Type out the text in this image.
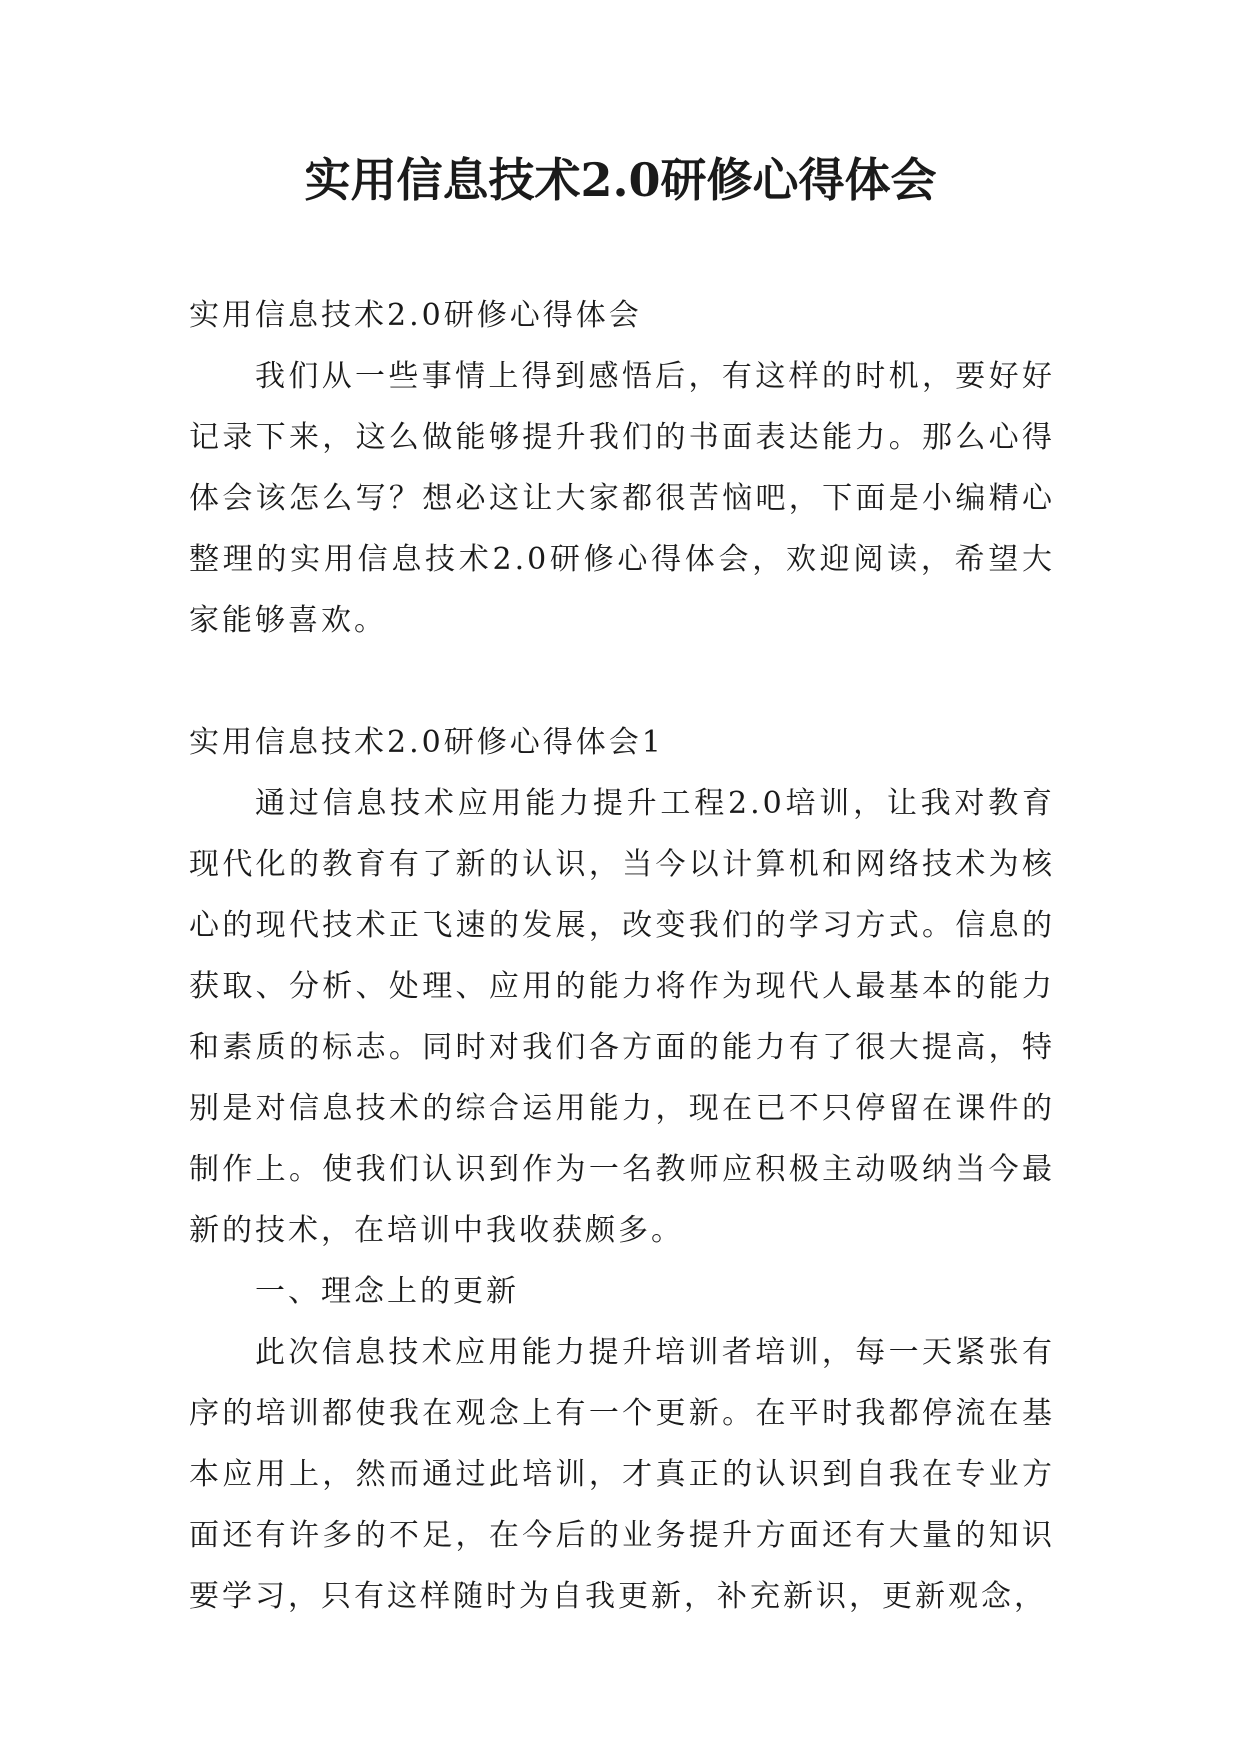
实用信息技术2.0研修心得体会

实用信息技术2.0研修心得体会

我们从一些事情上得到感悟后，有这样的时机，要好好记录下来，这么做能够提升我们的书面表达能力。那么心得体会该怎么写？想必这让大家都很苦恼吧，下面是小编精心整理的实用信息技术2.0研修心得体会，欢迎阅读，希望大家能够喜欢。

实用信息技术2.0研修心得体会1

通过信息技术应用能力提升工程2.0培训，让我对教育现代化的教育有了新的认识，当今以计算机和网络技术为核心的现代技术正飞速的发展，改变我们的学习方式。信息的获取、分析、处理、应用的能力将作为现代人最基本的能力和素质的标志。同时对我们各方面的能力有了很大提高，特别是对信息技术的综合运用能力，现在已不只停留在课件的制作上。使我们认识到作为一名教师应积极主动吸纳当今最新的技术，在培训中我收获颇多。

一、理念上的更新

此次信息技术应用能力提升培训者培训，每一天紧张有序的培训都使我在观念上有一个更新。在平时我都停流在基本应用上，然而通过此培训，才真正的认识到自我在专业方面还有许多的不足，在今后的业务提升方面还有大量的知识要学习，只有这样随时为自我更新，补充新识，更新观念，
